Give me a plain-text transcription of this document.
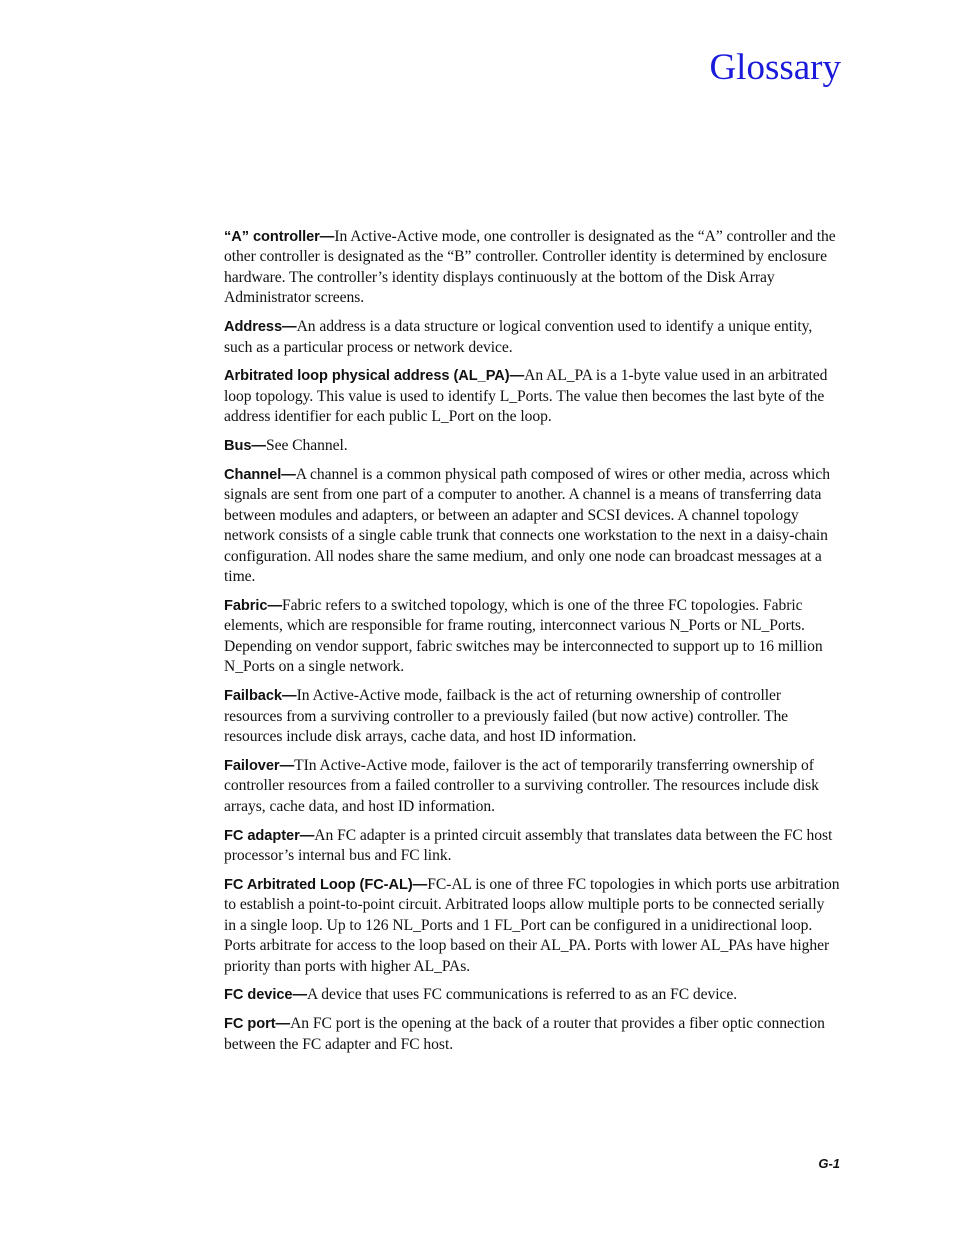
Glossary

“A” controller—In Active-Active mode, one controller is designated as the “A” controller and the other controller is designated as the “B” controller. Controller identity is determined by enclosure hardware. The controller’s identity displays continuously at the bottom of the Disk Array Administrator screens.

Address—An address is a data structure or logical convention used to identify a unique entity, such as a particular process or network device.

Arbitrated loop physical address (AL_PA)—An AL_PA is a 1-byte value used in an arbitrated loop topology. This value is used to identify L_Ports. The value then becomes the last byte of the address identifier for each public L_Port on the loop.

Bus—See Channel.

Channel—A channel is a common physical path composed of wires or other media, across which signals are sent from one part of a computer to another. A channel is a means of transferring data between modules and adapters, or between an adapter and SCSI devices. A channel topology network consists of a single cable trunk that connects one workstation to the next in a daisy-chain configuration. All nodes share the same medium, and only one node can broadcast messages at a time.

Fabric—Fabric refers to a switched topology, which is one of the three FC topologies. Fabric elements, which are responsible for frame routing, interconnect various N_Ports or NL_Ports. Depending on vendor support, fabric switches may be interconnected to support up to 16 million N_Ports on a single network.

Failback—In Active-Active mode, failback is the act of returning ownership of controller resources from a surviving controller to a previously failed (but now active) controller. The resources include disk arrays, cache data, and host ID information.

Failover—TIn Active-Active mode, failover is the act of temporarily transferring ownership of controller resources from a failed controller to a surviving controller. The resources include disk arrays, cache data, and host ID information.

FC adapter—An FC adapter is a printed circuit assembly that translates data between the FC host processor’s internal bus and FC link.

FC Arbitrated Loop (FC-AL)—FC-AL is one of three FC topologies in which ports use arbitration to establish a point-to-point circuit. Arbitrated loops allow multiple ports to be connected serially in a single loop. Up to 126 NL_Ports and 1 FL_Port can be configured in a unidirectional loop. Ports arbitrate for access to the loop based on their AL_PA. Ports with lower AL_PAs have higher priority than ports with higher AL_PAs.

FC device—A device that uses FC communications is referred to as an FC device.

FC port—An FC port is the opening at the back of a router that provides a fiber optic connection between the FC adapter and FC host.

G-1
